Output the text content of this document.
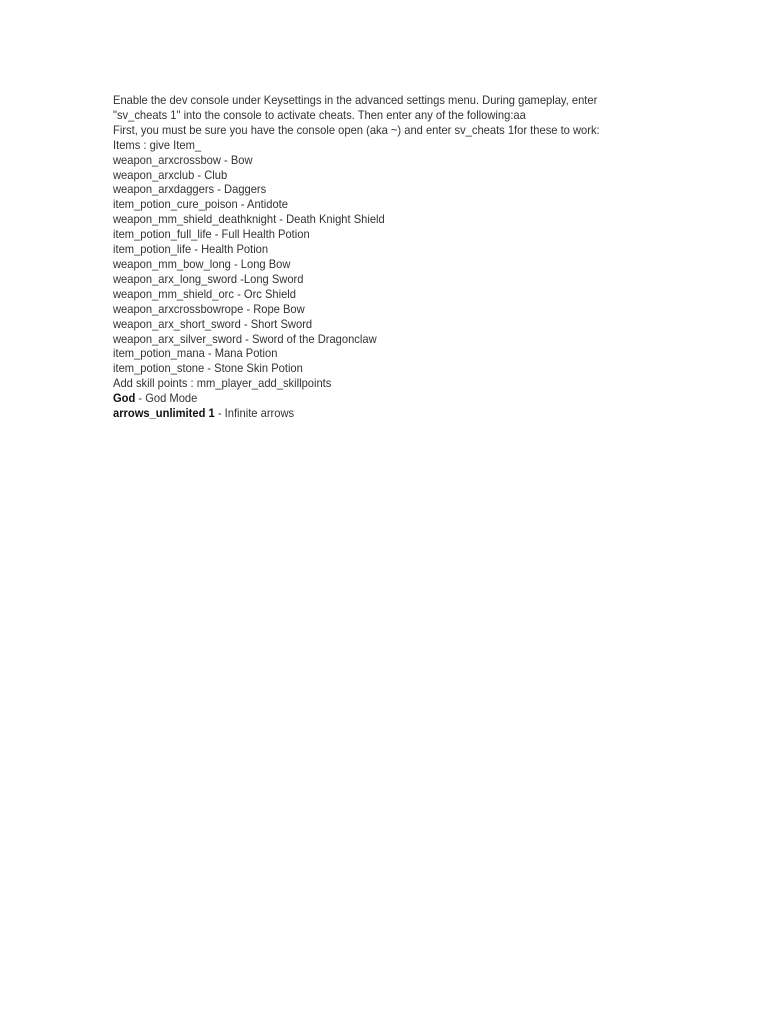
Enable the dev console under Keysettings in the advanced settings menu. During gameplay, enter "sv_cheats 1" into the console to activate cheats. Then enter any of the following:aa
First, you must be sure you have the console open (aka ~) and enter sv_cheats 1for these to work:
Items : give Item_
weapon_arxcrossbow - Bow
weapon_arxclub - Club
weapon_arxdaggers - Daggers
item_potion_cure_poison - Antidote
weapon_mm_shield_deathknight - Death Knight Shield
item_potion_full_life - Full Health Potion
item_potion_life - Health Potion
weapon_mm_bow_long - Long Bow
weapon_arx_long_sword -Long Sword
weapon_mm_shield_orc - Orc Shield
weapon_arxcrossbowrope - Rope Bow
weapon_arx_short_sword - Short Sword
weapon_arx_silver_sword - Sword of the Dragonclaw
item_potion_mana - Mana Potion
item_potion_stone - Stone Skin Potion
Add skill points : mm_player_add_skillpoints
God - God Mode
arrows_unlimited 1 - Infinite arrows
